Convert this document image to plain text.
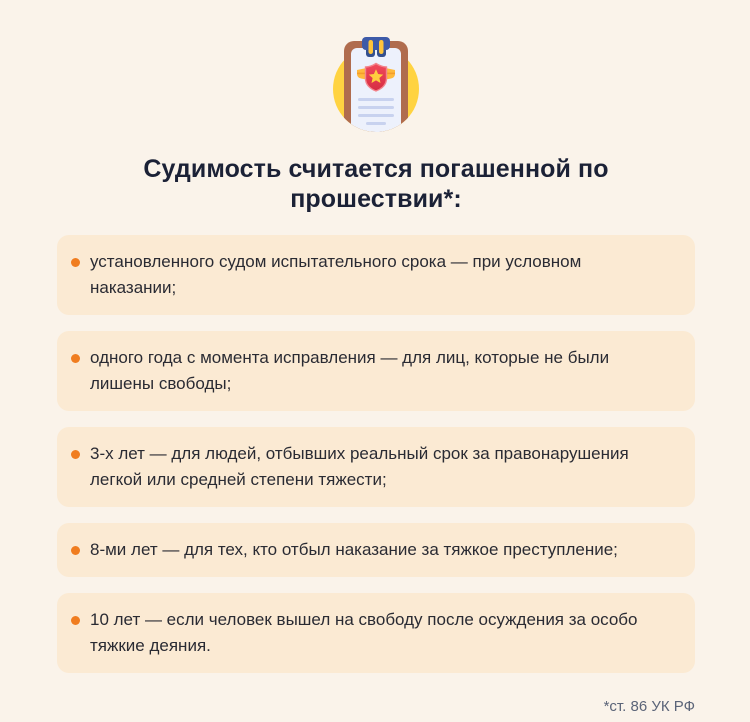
Судимость считается погашенной по прошествии*:

установленного судом испытательного срока — при условном наказании;

одного года с момента исправления — для лиц, которые не были лишены свободы;

3-х лет — для людей, отбывших реальный срок за правонарушения легкой или средней степени тяжести;

8-ми лет — для тех, кто отбыл наказание за тяжкое преступление;

10 лет — если человек вышел на свободу после осуждения за особо тяжкие деяния.

*ст. 86 УК РФ
